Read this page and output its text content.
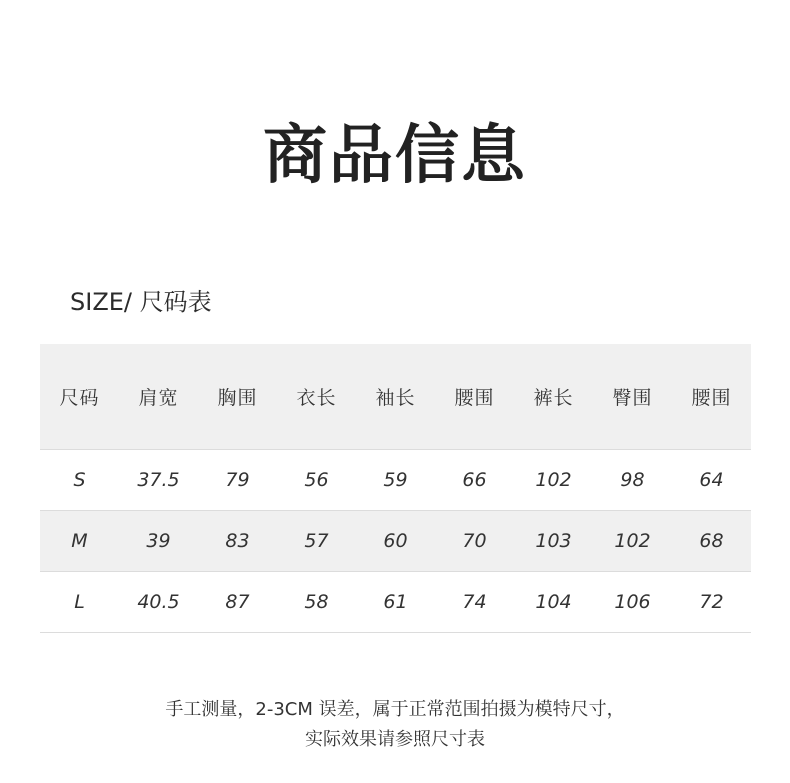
商品信息
SIZE/ 尺码表
尺码	肩宽	胸围	衣长	袖长	腰围	裤长	臀围	腰围
S	37.5	79	56	59	66	102	98	64
M	39	83	57	60	70	103	102	68
L	40.5	87	58	61	74	104	106	72
手工测量，2-3CM 误差，属于正常范围拍摄为模特尺寸，
实际效果请参照尺寸表
